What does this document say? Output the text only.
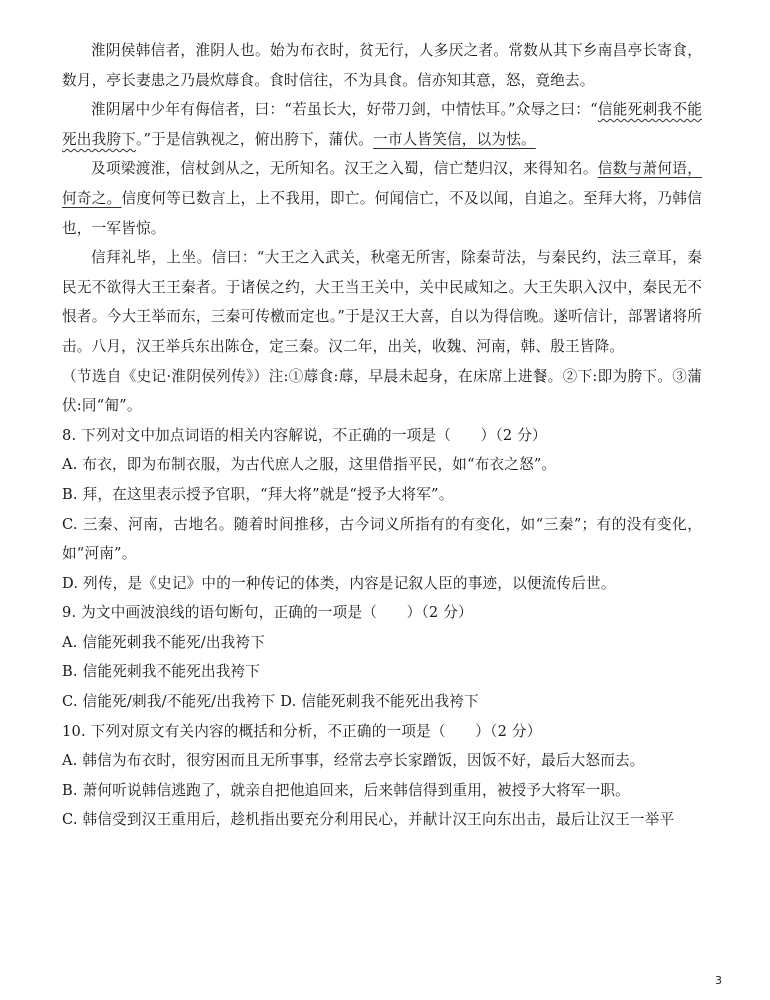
淮阴侯韩信者，淮阴人也。始为布衣时，贫无行，人多厌之者。常数从其下乡南昌亭长寄食，数月，亭长妻患之乃晨炊蓐食。食时信往，不为具食。信亦知其意，怒，竟绝去。

淮阴屠中少年有侮信者，曰：“若虽长大，好带刀剑，中情怯耳。”众辱之曰：“信能死刺我不能死出我胯下。”于是信孰视之，俯出胯下，蒲伏。一市人皆笑信，以为怯。

及项梁渡淮，信杖剑从之，无所知名。汉王之入蜀，信亡楚归汉，来得知名。信数与萧何语，何奇之。信度何等已数言上，上不我用，即亡。何闻信亡，不及以闻，自追之。至拜大将，乃韩信也，一军皆惊。

信拜礼毕，上坐。信曰：“大王之入武关，秋毫无所害，除秦苛法，与秦民约，法三章耳，秦民无不欲得大王王秦者。于诸侯之约，大王当王关中，关中民咸知之。大王失职入汉中，秦民无不恨者。今大王举而东，三秦可传檄而定也。”于是汉王大喜，自以为得信晚。遂听信计，部署诸将所击。八月，汉王举兵东出陈仓，定三秦。汉二年，出关，收魏、河南，韩、殷王皆降。

（节选自《史记·淮阴侯列传》）注:①蓐食:蓐，早晨未起身，在床席上进餐。②下:即为胯下。③蒲伏:同“匍”。

8. 下列对文中加点词语的相关内容解说，不正确的一项是（　　）（2 分）

A. 布衣，即为布制衣服，为古代庶人之服，这里借指平民，如“布衣之怒”。

B. 拜，在这里表示授予官职，“拜大将”就是“授予大将军”。

C. 三秦、河南，古地名。随着时间推移，古今词义所指有的有变化，如“三秦”；有的没有变化，如“河南”。

D. 列传，是《史记》中的一种传记的体类，内容是记叙人臣的事迹，以便流传后世。

9. 为文中画波浪线的语句断句，正确的一项是（　　）（2 分）

A. 信能死刺我不能死/出我袴下

B. 信能死刺我不能死出我袴下

C. 信能死/刺我/不能死/出我袴下 D. 信能死刺我不能死出我袴下

10. 下列对原文有关内容的概括和分析，不正确的一项是（　　）（2 分）

A. 韩信为布衣时，很穷困而且无所事事，经常去亭长家蹭饭，因饭不好，最后大怒而去。

B. 萧何听说韩信逃跑了，就亲自把他追回来，后来韩信得到重用，被授予大将军一职。

C. 韩信受到汉王重用后，趁机指出要充分利用民心，并献计汉王向东出击，最后让汉王一举平

3
